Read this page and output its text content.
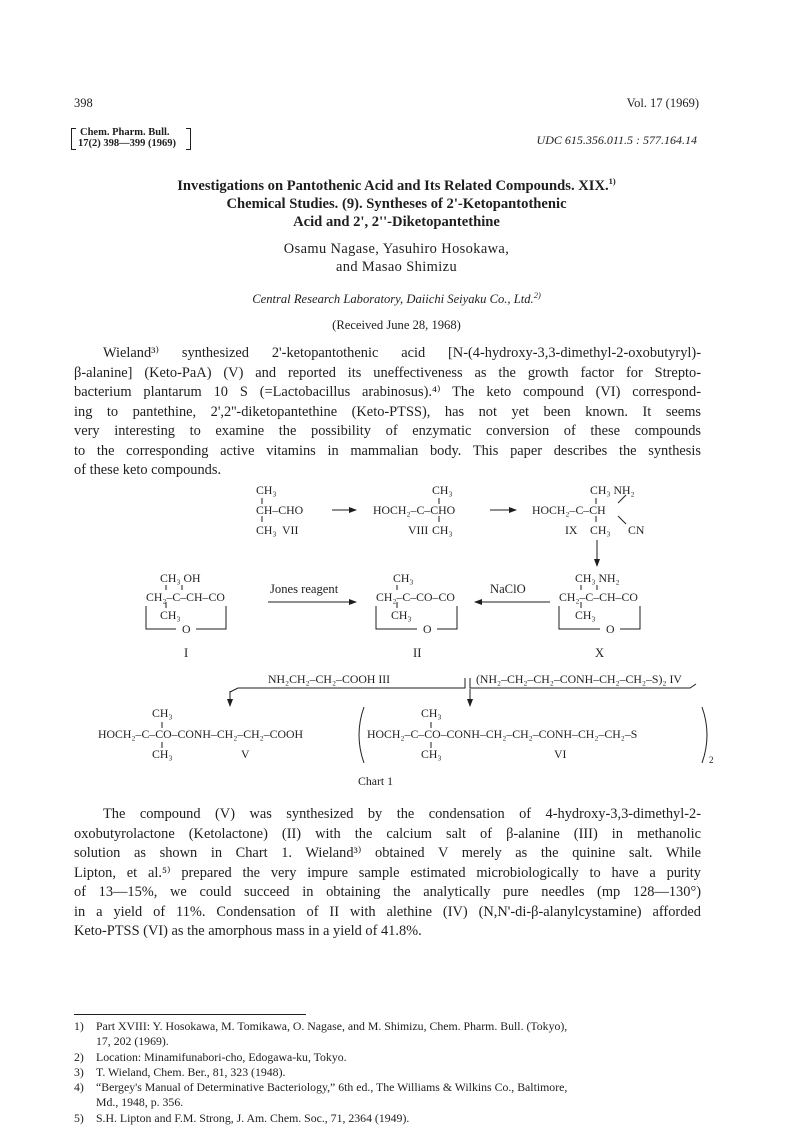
398	Vol. 17 (1969)
Chem. Pharm. Bull.
17(2) 398—399 (1969)	UDC 615.356.011.5 : 577.164.14
Investigations on Pantothenic Acid and Its Related Compounds. XIX.$^{1)}$
Chemical Studies. (9). Syntheses of 2'-Ketopantothenic
Acid and 2', 2''-Diketopantethine
Osamu Nagase, Yasuhiro Hosokawa,
and Masao Shimizu
Central Research Laboratory, Daiichi Seiyaku Co., Ltd.$^{2)}$
(Received June 28, 1968)
Wieland³⁾ synthesized 2'-ketopantothenic acid [N-(4-hydroxy-3,3-dimethyl-2-oxobutyryl)-
β-alanine] (Keto-PaA) (V) and reported its uneffectiveness as the growth factor for Strepto-
bacterium plantarum 10 S (=Lactobacillus arabinosus).⁴⁾ The keto compound (VI) correspond-
ing to pantethine, 2',2''-diketopantethine (Keto-PTSS), has not yet been known. It seems
very interesting to examine the possibility of enzymatic conversion of these compounds
to the corresponding active vitamins in mammalian body. This paper describes the synthesis
of these keto compounds.
CH₃
CH–CHO
CH₃ VII
CH₃
HOCH₂–C–CHO
VIII CH₃
CH₃ NH₂
HOCH₂–C–CH
IX CH₃ CN
CH₃ OH
CH₂–C–CH–CO
CH₃
O
I
Jones reagent
CH₃
CH₂–C–CO–CO
CH₃
O
II
NaClO
CH₃ NH₂
CH₂–C–CH–CO
CH₃
O
X
NH₂CH₂–CH₂–COOH III	(NH₂–CH₂–CH₂–CONH–CH₂–CH₂–S)₂ IV
CH₃
HOCH₂–C–CO–CONH–CH₂–CH₂–COOH
CH₃	V
CH₃
HOCH₂–C–CO–CONH–CH₂–CH₂–CONH–CH₂–CH₂–S
CH₃	VI	2
Chart 1
The compound (V) was synthesized by the condensation of 4-hydroxy-3,3-dimethyl-2-
oxobutyrolactone (Ketolactone) (II) with the calcium salt of β-alanine (III) in methanolic
solution as shown in Chart 1. Wieland³⁾ obtained V merely as the quinine salt. While
Lipton, et al.⁵⁾ prepared the very impure sample estimated microbiologically to have a purity
of 13—15%, we could succeed in obtaining the analytically pure needles (mp 128—130°)
in a yield of 11%. Condensation of II with alethine (IV) (N,N'-di-β-alanylcystamine) afforded
Keto-PTSS (VI) as the amorphous mass in a yield of 41.8%.
1)	Part XVIII: Y. Hosokawa, M. Tomikawa, O. Nagase, and M. Shimizu, Chem. Pharm. Bull. (Tokyo),
17, 202 (1969).
2)	Location: Minamifunabori-cho, Edogawa-ku, Tokyo.
3)	T. Wieland, Chem. Ber., 81, 323 (1948).
4)	“Bergey's Manual of Determinative Bacteriology,” 6th ed., The Williams & Wilkins Co., Baltimore,
Md., 1948, p. 356.
5)	S.H. Lipton and F.M. Strong, J. Am. Chem. Soc., 71, 2364 (1949).
